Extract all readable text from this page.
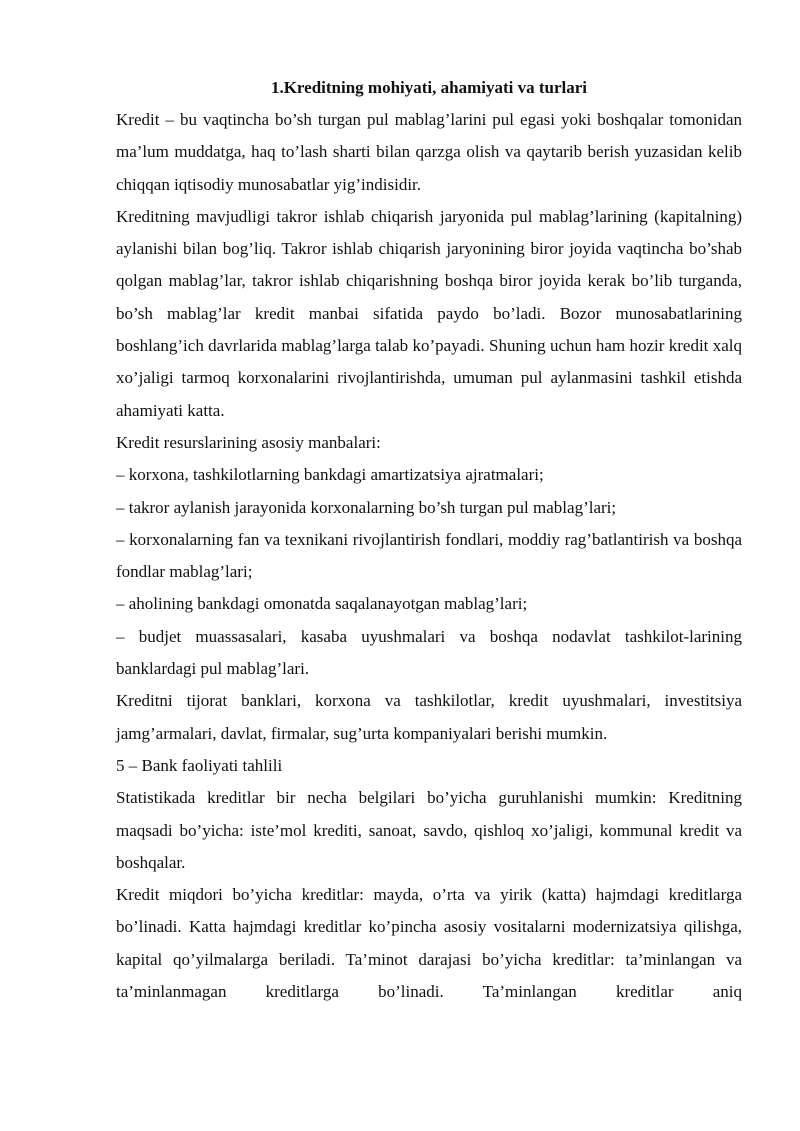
1.Kreditning mohiyati, ahamiyati va turlari

Kredit – bu vaqtincha bo’sh turgan pul mablag’larini pul egasi yoki boshqalar tomonidan ma’lum muddatga, haq to’lash sharti bilan qarzga olish va qaytarib berish yuzasidan kelib chiqqan iqtisodiy munosabatlar yig’indisidir.

Kreditning mavjudligi takror ishlab chiqarish jaryonida pul mablag’larining (kapitalning) aylanishi bilan bog’liq. Takror ishlab chiqarish jaryonining biror joyida vaqtincha bo’shab qolgan mablag’lar, takror ishlab chiqarishning boshqa biror joyida kerak bo’lib turganda, bo’sh mablag’lar kredit manbai sifatida paydo bo’ladi. Bozor munosabatlarining boshlang’ich davrlarida mablag’larga talab ko’payadi. Shuning uchun ham hozir kredit xalq xo’jaligi tarmoq korxonalarini rivojlantirishda, umuman pul aylanmasini tashkil etishda ahamiyati katta.

Kredit resurslarining asosiy manbalari:

– korxona, tashkilotlarning bankdagi amartizatsiya ajratmalari;

– takror aylanish jarayonida korxonalarning bo’sh turgan pul mablag’lari;

– korxonalarning fan va texnikani rivojlantirish fondlari, moddiy rag’batlantirish va boshqa fondlar mablag’lari;

– aholining bankdagi omonatda saqalanayotgan mablag’lari;

– budjet muassasalari, kasaba uyushmalari va boshqa nodavlat tashkilot-larining banklardagi pul mablag’lari.

Kreditni tijorat banklari, korxona va tashkilotlar, kredit uyushmalari, investitsiya jamg’armalari, davlat, firmalar, sug’urta kompaniyalari berishi mumkin.

5 – Bank faoliyati tahlili

Statistikada kreditlar bir necha belgilari bo’yicha guruhlanishi mumkin: Kreditning maqsadi bo’yicha: iste’mol krediti, sanoat, savdo, qishloq xo’jaligi, kommunal kredit va boshqalar.

Kredit miqdori bo’yicha kreditlar: mayda, o’rta va yirik (katta) hajmdagi kreditlarga bo’linadi. Katta hajmdagi kreditlar ko’pincha asosiy vositalarni modernizatsiya qilishga, kapital qo’yilmalarga beriladi. Ta’minot darajasi bo’yicha kreditlar: ta’minlangan va ta’minlanmagan kreditlarga bo’linadi. Ta’minlangan kreditlar aniq
